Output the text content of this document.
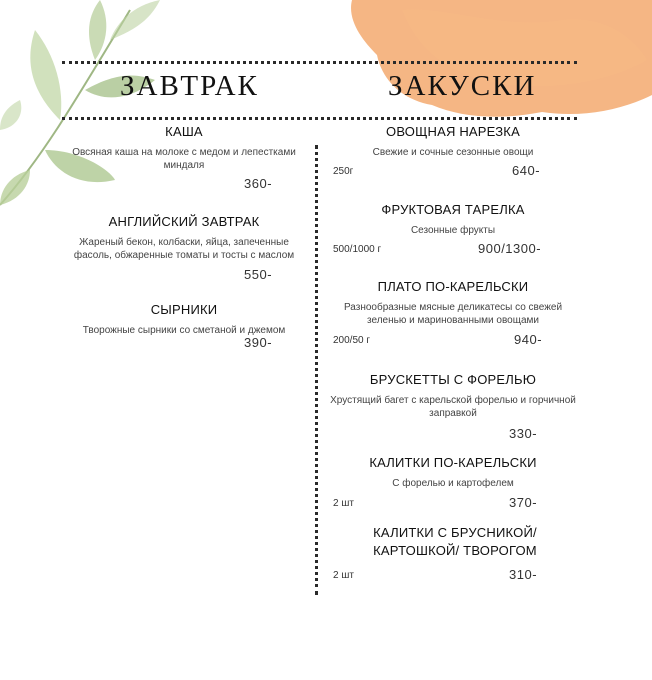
ЗАВТРАК	ЗАКУСКИ
КАША
Овсяная каша на молоке с медом и лепестками миндаля
360-
АНГЛИЙСКИЙ ЗАВТРАК
Жареный бекон, колбаски, яйца, запеченные фасоль, обжаренные томаты и тосты с маслом
550-
СЫРНИКИ
Творожные сырники со сметаной и джемом
390-
ОВОЩНАЯ НАРЕЗКА
Свежие и сочные сезонные овощи
250г	640-
ФРУКТОВАЯ ТАРЕЛКА
Сезонные фрукты
500/1000 г	900/1300-
ПЛАТО ПО-КАРЕЛЬСКИ
Разнообразные мясные деликатесы со свежей зеленью и маринованными овощами
200/50 г	940-
БРУСКЕТТЫ С ФОРЕЛЬЮ
Хрустящий багет с карельской форелью и горчичной заправкой
330-
КАЛИТКИ ПО-КАРЕЛЬСКИ
С форелью и картофелем
2 шт	370-
КАЛИТКИ С БРУСНИКОЙ/КАРТОШКОЙ/ ТВОРОГОМ
2 шт	310-
